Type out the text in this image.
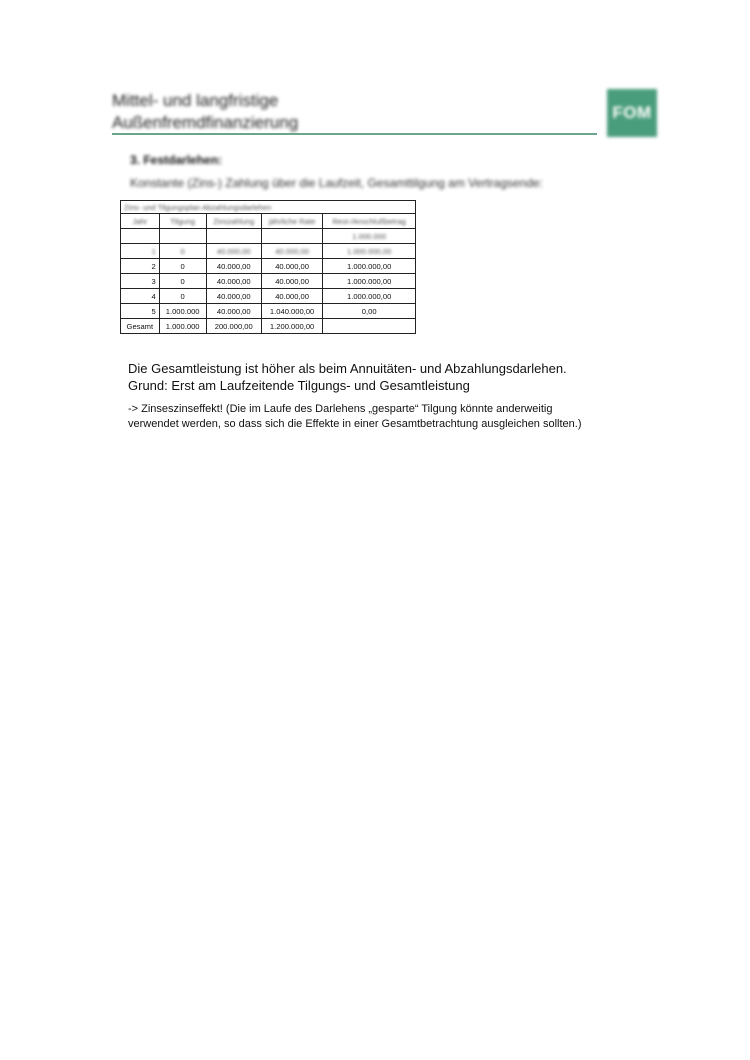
Mittel- und langfristige
Außenfremdfinanzierung
FOM
3. Festdarlehen:
Konstante (Zins-) Zahlung über die Laufzeit, Gesamttilgung am Vertragsende:
Zins- und Tilgungsplan Abzahlungsdarlehen				
Jahr	Tilgung	Zinszahlung	jährliche Rate	Rest-/Anschlußbetrag
				1.000.000
1	0	40.000,00	40.000,00	1.000.000,00
2	0	40.000,00	40.000,00	1.000.000,00
3	0	40.000,00	40.000,00	1.000.000,00
4	0	40.000,00	40.000,00	1.000.000,00
5	1.000.000	40.000,00	1.040.000,00	0,00
Gesamt	1.000.000	200.000,00	1.200.000,00	
Die Gesamtleistung ist höher als beim Annuitäten- und Abzahlungsdarlehen.
Grund: Erst am Laufzeitende Tilgungs- und Gesamtleistung
-> Zinseszinseffekt! (Die im Laufe des Darlehens „gesparte“ Tilgung könnte anderweitig
verwendet werden, so dass sich die Effekte in einer Gesamtbetrachtung ausgleichen sollten.)
